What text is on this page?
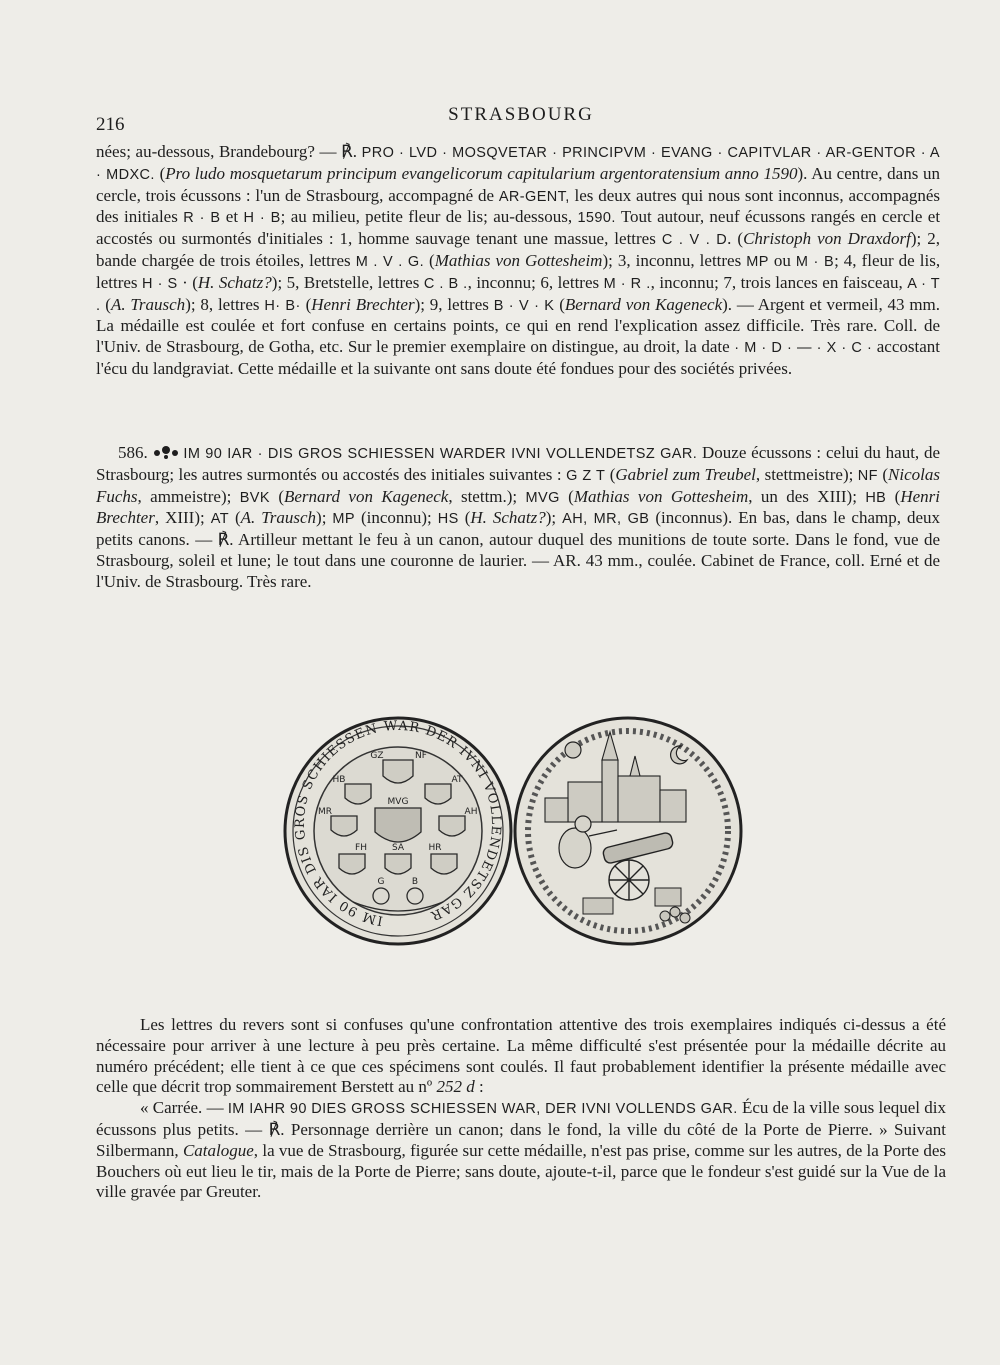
216	STRASBOURG

nées; au-dessous, Brandebourg? — ℟. PRO · LVD · MOSQVETAR · PRINCIPVM · EVANG · CAPITVLAR · AR-GENTOR · A · MDXC. (Pro ludo mosquetarum principum evangelicorum capitularium argentoratensium anno 1590). Au centre, dans un cercle, trois écussons : l'un de Strasbourg, accompagné de AR-GENT, les deux autres qui nous sont inconnus, accompagnés des initiales R · B et H · B; au milieu, petite fleur de lis; au-dessous, 1590. Tout autour, neuf écussons rangés en cercle et accostés ou surmontés d'initiales : 1, homme sauvage tenant une massue, lettres C . V . D. (Christoph von Draxdorf); 2, bande chargée de trois étoiles, lettres M . V . G. (Mathias von Gottesheim); 3, inconnu, lettres MP ou M · B; 4, fleur de lis, lettres H · S · (H. Schatz?); 5, Bretstelle, lettres C . B ., inconnu; 6, lettres M · R ., inconnu; 7, trois lances en faisceau, A · T . (A. Trausch); 8, lettres H· B· (Henri Brechter); 9, lettres B · V · K (Bernard von Kageneck). — Argent et vermeil, 43 mm. La médaille est coulée et fort confuse en certains points, ce qui en rend l'explication assez difficile. Très rare. Coll. de l'Univ. de Strasbourg, de Gotha, etc. Sur le premier exemplaire on distingue, au droit, la date · M · D · — · X · C · accostant l'écu du landgraviat. Cette médaille et la suivante ont sans doute été fondues pour des sociétés privées.

586. IM 90 IAR · DIS GROS SCHIESSEN WARDER IVNI VOLLENDETSZ GAR. Douze écussons : celui du haut, de Strasbourg; les autres surmontés ou accostés des initiales suivantes : G Z T (Gabriel zum Treubel, stettmeistre); NF (Nicolas Fuchs, ammeistre); BVK (Bernard von Kageneck, stettm.); MVG (Mathias von Gottesheim, un des XIII); HB (Henri Brechter, XIII); AT (A. Trausch); MP (inconnu); HS (H. Schatz?); AH, MR, GB (inconnus). En bas, dans le champ, deux petits canons. — ℟. Artilleur mettant le feu à un canon, autour duquel des munitions de toute sorte. Dans le fond, vue de Strasbourg, soleil et lune; le tout dans une couronne de laurier. — AR. 43 mm., coulée. Cabinet de France, coll. Erné et de l'Univ. de Strasbourg. Très rare.

IM 90 IAR DIS GROS SCHIESSEN WAR DER IVNI VOLLENDETSZ GAR
GZ	NF
MVG
HB	AT
MR
FH	SA	HR
AH
G	B

Les lettres du revers sont si confuses qu'une confrontation attentive des trois exemplaires indiqués ci-dessus a été nécessaire pour arriver à une lecture à peu près certaine. La même difficulté s'est présentée pour la médaille décrite au numéro précédent; elle tient à ce que ces spécimens sont coulés. Il faut probablement identifier la présente médaille avec celle que décrit trop sommairement Berstett au nº 252 d :

« Carrée. — IM IAHR 90 DIES GROSS SCHIESSEN WAR, DER IVNI VOLLENDS GAR. Écu de la ville sous lequel dix écussons plus petits. — ℟. Personnage derrière un canon; dans le fond, la ville du côté de la Porte de Pierre. » Suivant Silbermann, Catalogue, la vue de Strasbourg, figurée sur cette médaille, n'est pas prise, comme sur les autres, de la Porte des Bouchers où eut lieu le tir, mais de la Porte de Pierre; sans doute, ajoute-t-il, parce que le fondeur s'est guidé sur la Vue de la ville gravée par Greuter.
